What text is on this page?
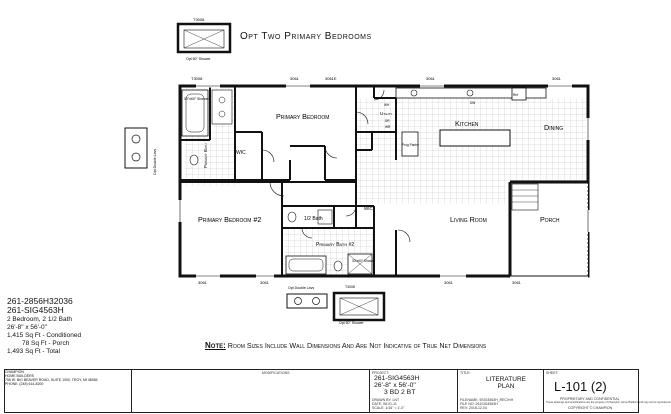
Opt Two Primary Bedrooms
Primary Bedroom
Kitchen	Dining
Primary Bedroom #2	Living Room	Porch
Primary Bath
Primary Bath #2
1/2 Bath
Utility
WIC
WIC
T3008
Opt 60" Shower
T3008
Opt 60" Shower
Opt Double Lavs
Opt Double Lavs
T3008	3061	3061E	3061	3061
3061	3061	3061	3061
30"x60" Shower
30"x60" Shower
Prog Pantry
WH	DW
Ref
DR
WR
261-2856H32036
261-SIG4563H
2 Bedroom, 2 1/2 Bath
26'-8" x 56'-0"
1,415 Sq Ft - Conditioned
78 Sq Ft - Porch
1,493 Sq Ft - Total
Note: Room Sizes Include Wall Dimensions And Are Not Indicative of True Net Dimensions
CHAMPION
HOME BUILDERS
755 W. BIG BEAVER ROAD, SUITE 1000, TROY, MI 48084
PHONE: (248) 614-8200
MODIFICATIONS	PROJECT:
261-SIG4563H
26'-8" x 56'-0"
3 BD 2 BT
DRAWN BY: LNT
DATE: 08-01-11
SCALE: 1/16" = 1'-0"
TITLE:
LITERATURE
PLAN
FILENAME: 5SIG4563H_REC/HH
FILE NO: 261SIG4563H
REV: 2018-12-04
SHEET:
L-101 (2)
PROPRIETARY AND CONFIDENTIAL
These drawings and specifications are the property of Champion Home Builders and may not be reproduced.
COPYRIGHT © CHAMPION
